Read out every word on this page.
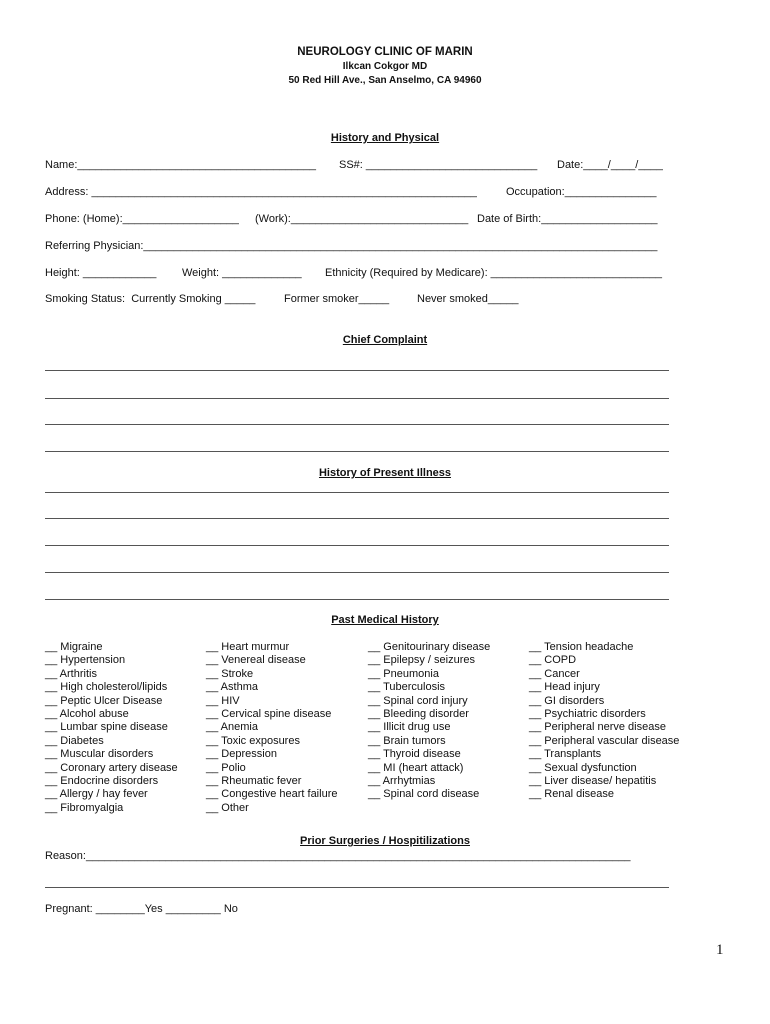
NEUROLOGY CLINIC OF MARIN
Ilkcan Cokgor MD
50 Red Hill Ave., San Anselmo, CA 94960
History and Physical
Name:_______________________________________ SS#: ____________________________ Date:____/____/____
Address: _______________________________________________________________	Occupation:_______________
Phone: (Home):___________________ (Work):_____________________________ Date of Birth:___________________
Referring Physician:____________________________________________________________________________________
Height: ____________ Weight: _____________ Ethnicity (Required by Medicare): ____________________________
Smoking Status:  Currently Smoking _____	Former smoker_____	Never smoked_____
Chief Complaint
History of Present Illness
Past Medical History
__ Migraine
__ Hypertension
__ Arthritis
__ High cholesterol/lipids
__ Peptic Ulcer Disease
__ Alcohol abuse
__ Lumbar spine disease
__ Diabetes
__ Muscular disorders
__ Coronary artery disease
__ Endocrine disorders
__ Allergy / hay fever
__ Fibromyalgia
__ Heart murmur
__ Venereal disease
__ Stroke
__ Asthma
__ HIV
__ Cervical spine disease
__ Anemia
__ Toxic exposures
__ Depression
__ Polio
__ Rheumatic fever
__ Congestive heart failure
__ Other
__ Genitourinary disease
__ Epilepsy / seizures
__ Pneumonia
__ Tuberculosis
__ Spinal cord injury
__ Bleeding disorder
__ Illicit drug use
__ Brain tumors
__ Thyroid disease
__ MI (heart attack)
__ Arrhytmias
__ Spinal cord disease
__ Tension headache
__ COPD
__ Cancer
__ Head injury
__ GI disorders
__ Psychiatric disorders
__ Peripheral nerve disease
__ Peripheral vascular disease
__ Transplants
__ Sexual dysfunction
__ Liver disease/ hepatitis
__ Renal disease
Prior Surgeries / Hospitilizations
Reason:_________________________________________________________________________________________
Pregnant: ________Yes _________ No
1
